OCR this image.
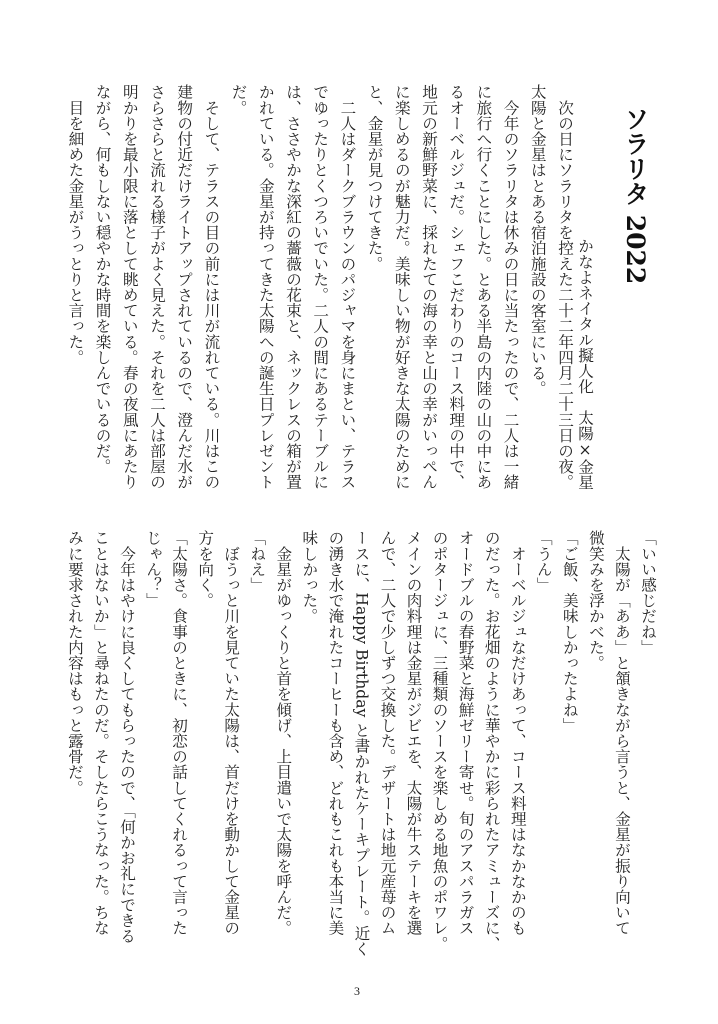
ソラリタ 2022
かなよネイタル擬人化　太陽×金星
　次の日にソラリタを控えた二十二年四月二十三日の夜。
太陽と金星はとある宿泊施設の客室にいる。
　今年のソラリタは休みの日に当たったので、二人は一緒
に旅行へ行くことにした。とある半島の内陸の山の中にあ
るオーベルジュだ。シェフこだわりのコース料理の中で、
地元の新鮮野菜に、採れたての海の幸と山の幸がいっぺん
に楽しめるのが魅力だ。美味しい物が好きな太陽のために
と、金星が見つけてきた。
　二人はダークブラウンのパジャマを身にまとい、テラス
でゆったりとくつろいでいた。二人の間にあるテーブルに
は、ささやかな深紅の薔薇の花束と、ネックレスの箱が置
かれている。金星が持ってきた太陽への誕生日プレゼント
だ。
　そして、テラスの目の前には川が流れている。川はこの
建物の付近だけライトアップされているので、澄んだ水が
さらさらと流れる様子がよく見えた。それを二人は部屋の
明かりを最小限に落として眺めている。春の夜風にあたり
ながら、何もしない穏やかな時間を楽しんでいるのだ。
　目を細めた金星がうっとりと言った。
「いい感じだね」
　太陽が「ああ」と頷きながら言うと、金星が振り向いて
微笑みを浮かべた。
「ご飯、美味しかったよね」
「うん」
　オーベルジュなだけあって、コース料理はなかなかのも
のだった。お花畑のように華やかに彩られたアミューズに、
オードブルの春野菜と海鮮ゼリー寄せ。旬のアスパラガス
のポタージュに、三種類のソースを楽しめる地魚のポワレ。
メインの肉料理は金星がジビエを、太陽が牛ステーキを選
んで、二人で少しずつ交換した。デザートは地元産苺のム
ースに、Happy Birthday と書かれたケーキプレート。近く
の湧き水で淹れたコーヒーも含め、どれもこれも本当に美
味しかった。
　金星がゆっくりと首を傾げ、上目遣いで太陽を呼んだ。
「ねえ」
　ぼうっと川を見ていた太陽は、首だけを動かして金星の
方を向く。
「太陽さ。食事のときに、初恋の話してくれるって言った
じゃん？」
　今年はやけに良くしてもらったので、「何かお礼にできる
ことはないか」と尋ねたのだ。そしたらこうなった。ちな
みに要求された内容はもっと露骨だ。
3
